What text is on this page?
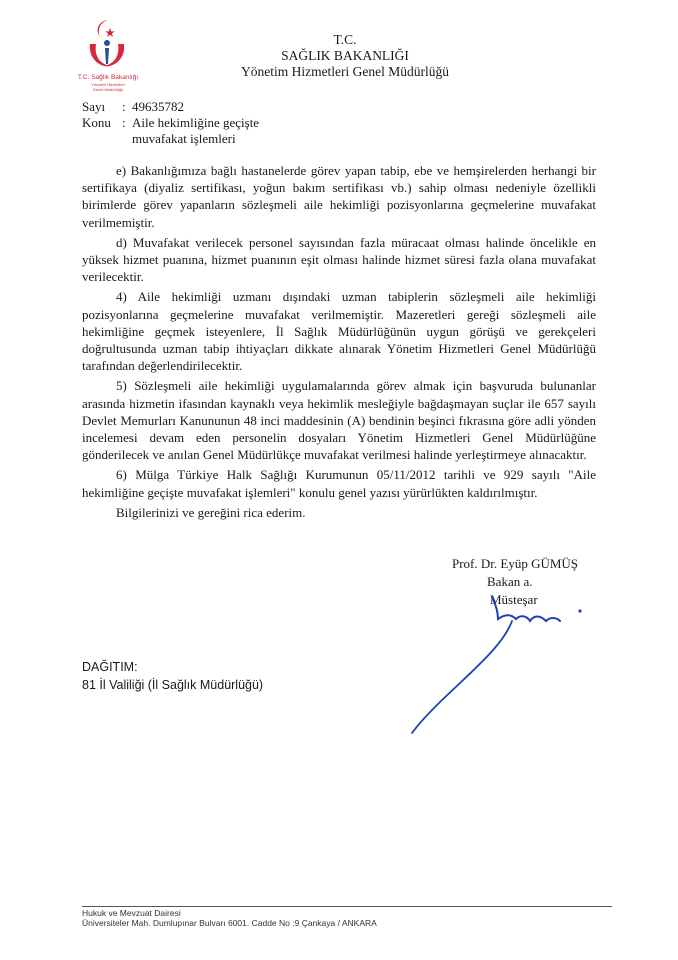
T.C. Sağlık Bakanlığı
Yönetim Hizmetleri
Genel Müdürlüğü
T.C.
SAĞLIK BAKANLIĞI
Yönetim Hizmetleri Genel Müdürlüğü
Sayı	: 49635782
Konu : Aile hekimliğine geçişte
muvafakat işlemleri

e) Bakanlığımıza bağlı hastanelerde görev yapan tabip, ebe ve hemşirelerden herhangi bir sertifikaya (diyaliz sertifikası, yoğun bakım sertifikası vb.) sahip olması nedeniyle özellikli birimlerde görev yapanların sözleşmeli aile hekimliği pozisyonlarına geçmelerine muvafakat verilmemiştir.

d) Muvafakat verilecek personel sayısından fazla müracaat olması halinde öncelikle en yüksek hizmet puanına, hizmet puanının eşit olması halinde hizmet süresi fazla olana muvafakat verilecektir.

4) Aile hekimliği uzmanı dışındaki uzman tabiplerin sözleşmeli aile hekimliği pozisyonlarına geçmelerine muvafakat verilmemiştir. Mazeretleri gereği sözleşmeli aile hekimliğine geçmek isteyenlere, İl Sağlık Müdürlüğünün uygun görüşü ve gerekçeleri doğrultusunda uzman tabip ihtiyaçları dikkate alınarak Yönetim Hizmetleri Genel Müdürlüğü tarafından değerlendirilecektir.

5) Sözleşmeli aile hekimliği uygulamalarında görev almak için başvuruda bulunanlar arasında hizmetin ifasından kaynaklı veya hekimlik mesleğiyle bağdaşmayan suçlar ile 657 sayılı Devlet Memurları Kanununun 48 inci maddesinin (A) bendinin beşinci fıkrasına göre adli yönden incelemesi devam eden personelin dosyaları Yönetim Hizmetleri Genel Müdürlüğüne gönderilecek ve anılan Genel Müdürlükçe muvafakat verilmesi halinde yerleştirmeye alınacaktır.

6) Mülga Türkiye Halk Sağlığı Kurumunun 05/11/2012 tarihli ve 929 sayılı "Aile hekimliğine geçişte muvafakat işlemleri" konulu genel yazısı yürürlükten kaldırılmıştır.

Bilgilerinizi ve gereğini rica ederim.

Prof. Dr. Eyüp GÜMÜŞ
Bakan a.
Müsteşar
DAĞITIM:
81 İl Valiliği (İl Sağlık Müdürlüğü)
Hukuk ve Mevzuat Dairesi
Üniversiteler Mah. Dumlupınar Bulvarı 6001. Cadde No :9 Çankaya / ANKARA
